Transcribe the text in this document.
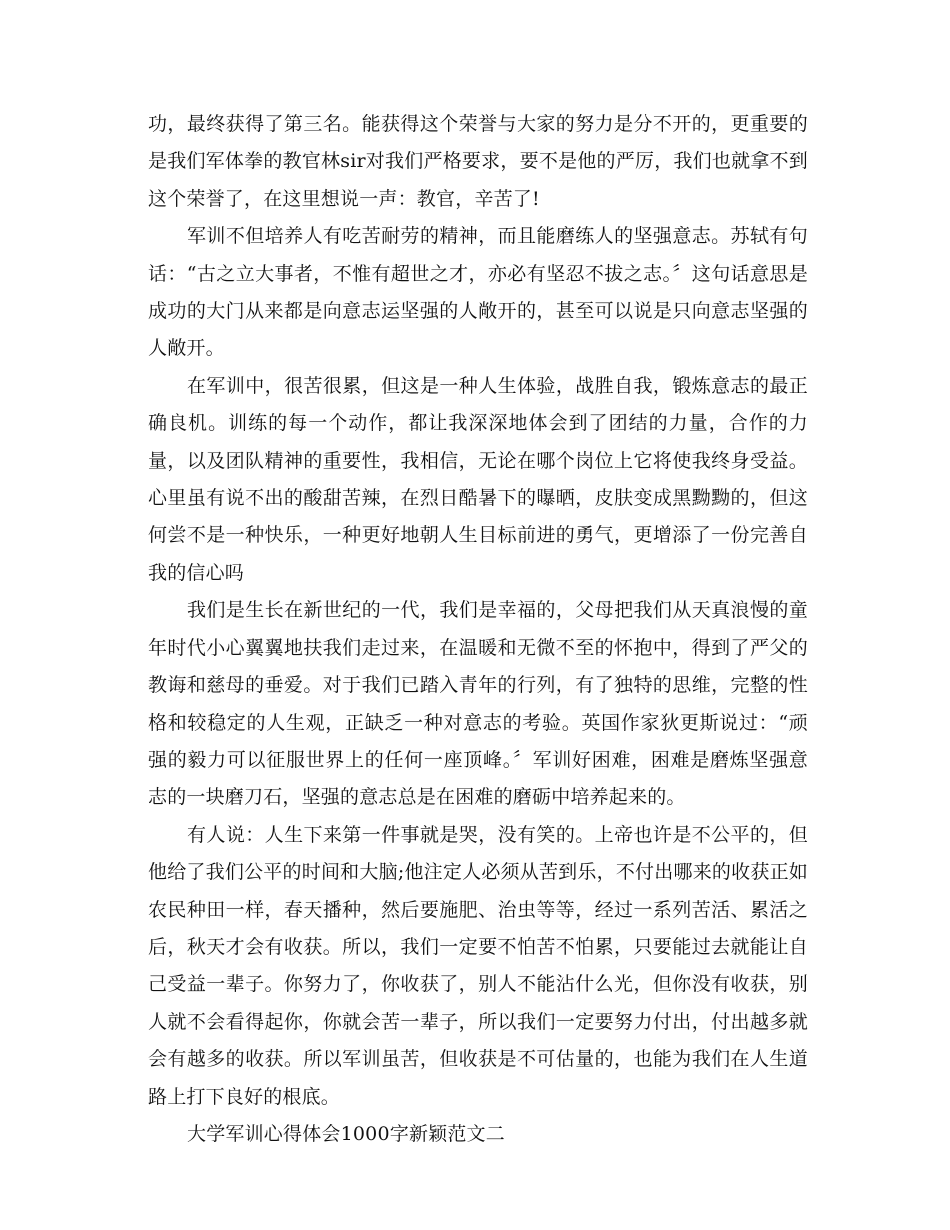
功，最终获得了第三名。能获得这个荣誉与大家的努力是分不开的，更重要的是我们军体拳的教官林sir对我们严格要求，要不是他的严厉，我们也就拿不到这个荣誉了，在这里想说一声：教官，辛苦了!

军训不但培养人有吃苦耐劳的精神，而且能磨练人的坚强意志。苏轼有句话：“古之立大事者，不惟有超世之才，亦必有坚忍不拔之志。〞这句话意思是成功的大门从来都是向意志运坚强的人敞开的，甚至可以说是只向意志坚强的人敞开。

在军训中，很苦很累，但这是一种人生体验，战胜自我，锻炼意志的最正确良机。训练的每一个动作，都让我深深地体会到了团结的力量，合作的力量，以及团队精神的重要性，我相信，无论在哪个岗位上它将使我终身受益。心里虽有说不出的酸甜苦辣，在烈日酷暑下的曝晒，皮肤变成黑黝黝的，但这何尝不是一种快乐，一种更好地朝人生目标前进的勇气，更增添了一份完善自我的信心吗

我们是生长在新世纪的一代，我们是幸福的，父母把我们从天真浪慢的童年时代小心翼翼地扶我们走过来，在温暖和无微不至的怀抱中，得到了严父的教诲和慈母的垂爱。对于我们已踏入青年的行列，有了独特的思维，完整的性格和较稳定的人生观，正缺乏一种对意志的考验。英国作家狄更斯说过：“顽强的毅力可以征服世界上的任何一座顶峰。〞军训好困难，困难是磨炼坚强意志的一块磨刀石，坚强的意志总是在困难的磨砺中培养起来的。

有人说：人生下来第一件事就是哭，没有笑的。上帝也许是不公平的，但他给了我们公平的时间和大脑;他注定人必须从苦到乐，不付出哪来的收获正如农民种田一样，春天播种，然后要施肥、治虫等等，经过一系列苦活、累活之后，秋天才会有收获。所以，我们一定要不怕苦不怕累，只要能过去就能让自己受益一辈子。你努力了，你收获了，别人不能沾什么光，但你没有收获，别人就不会看得起你，你就会苦一辈子，所以我们一定要努力付出，付出越多就会有越多的收获。所以军训虽苦，但收获是不可估量的，也能为我们在人生道路上打下良好的根底。

大学军训心得体会1000字新颖范文二
